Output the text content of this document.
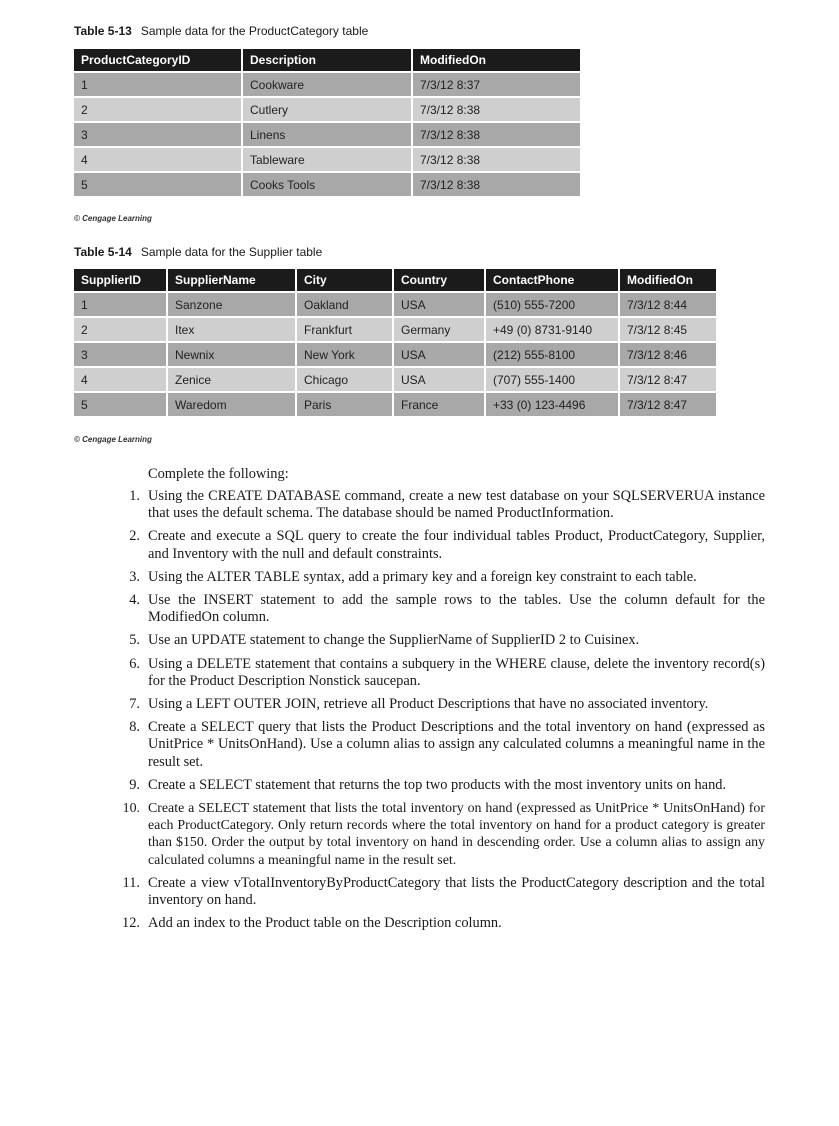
Table 5-13 Sample data for the ProductCategory table
ProductCategoryID	Description	ModifiedOn
1	Cookware	7/3/12 8:37
2	Cutlery	7/3/12 8:38
3	Linens	7/3/12 8:38
4	Tableware	7/3/12 8:38
5	Cooks Tools	7/3/12 8:38
© Cengage Learning
Table 5-14 Sample data for the Supplier table
SupplierID	SupplierName	City	Country	ContactPhone	ModifiedOn
1	Sanzone	Oakland	USA	(510) 555-7200	7/3/12 8:44
2	Itex	Frankfurt	Germany	+49 (0) 8731-9140	7/3/12 8:45
3	Newnix	New York	USA	(212) 555-8100	7/3/12 8:46
4	Zenice	Chicago	USA	(707) 555-1400	7/3/12 8:47
5	Waredom	Paris	France	+33 (0) 123-4496	7/3/12 8:47
© Cengage Learning
Complete the following:
1. Using the CREATE DATABASE command, create a new test database on your SQLSERVERUA instance that uses the default schema. The database should be named ProductInformation.
2. Create and execute a SQL query to create the four individual tables Product, ProductCategory, Supplier, and Inventory with the null and default constraints.
3. Using the ALTER TABLE syntax, add a primary key and a foreign key constraint to each table.
4. Use the INSERT statement to add the sample rows to the tables. Use the column default for the ModifiedOn column.
5. Use an UPDATE statement to change the SupplierName of SupplierID 2 to Cuisinex.
6. Using a DELETE statement that contains a subquery in the WHERE clause, delete the inventory record(s) for the Product Description Nonstick saucepan.
7. Using a LEFT OUTER JOIN, retrieve all Product Descriptions that have no associated inventory.
8. Create a SELECT query that lists the Product Descriptions and the total inventory on hand (expressed as UnitPrice * UnitsOnHand). Use a column alias to assign any calculated columns a meaningful name in the result set.
9. Create a SELECT statement that returns the top two products with the most inventory units on hand.
10. Create a SELECT statement that lists the total inventory on hand (expressed as UnitPrice * UnitsOnHand) for each ProductCategory. Only return records where the total inventory on hand for a product category is greater than $150. Order the output by total inventory on hand in descending order. Use a column alias to assign any calculated columns a meaningful name in the result set.
11. Create a view vTotalInventoryByProductCategory that lists the ProductCategory description and the total inventory on hand.
12. Add an index to the Product table on the Description column.
